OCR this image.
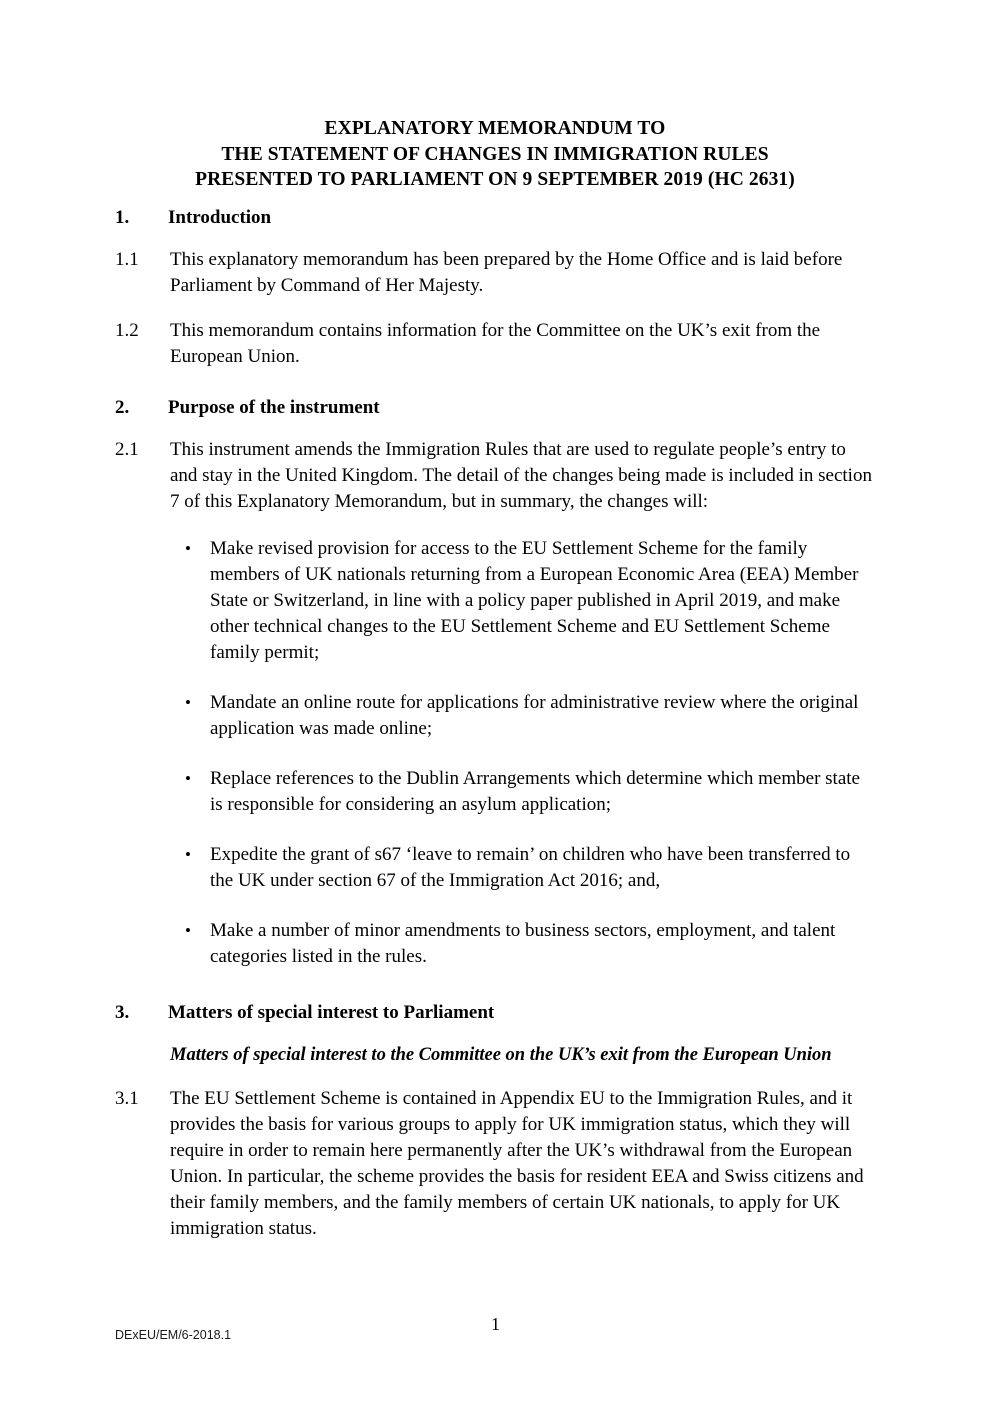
EXPLANATORY MEMORANDUM TO
THE STATEMENT OF CHANGES IN IMMIGRATION RULES
PRESENTED TO PARLIAMENT ON 9 SEPTEMBER 2019 (HC 2631)
1.	Introduction
1.1	This explanatory memorandum has been prepared by the Home Office and is laid before Parliament by Command of Her Majesty.
1.2	This memorandum contains information for the Committee on the UK’s exit from the European Union.
2.	Purpose of the instrument
2.1	This instrument amends the Immigration Rules that are used to regulate people’s entry to and stay in the United Kingdom. The detail of the changes being made is included in section 7 of this Explanatory Memorandum, but in summary, the changes will:
•	Make revised provision for access to the EU Settlement Scheme for the family members of UK nationals returning from a European Economic Area (EEA) Member State or Switzerland, in line with a policy paper published in April 2019, and make other technical changes to the EU Settlement Scheme and EU Settlement Scheme family permit;
•	Mandate an online route for applications for administrative review where the original application was made online;
•	Replace references to the Dublin Arrangements which determine which member state is responsible for considering an asylum application;
•	Expedite the grant of s67 ‘leave to remain’ on children who have been transferred to the UK under section 67 of the Immigration Act 2016; and,
•	Make a number of minor amendments to business sectors, employment, and talent categories listed in the rules.
3.	Matters of special interest to Parliament
Matters of special interest to the Committee on the UK’s exit from the European Union
3.1	The EU Settlement Scheme is contained in Appendix EU to the Immigration Rules, and it provides the basis for various groups to apply for UK immigration status, which they will require in order to remain here permanently after the UK’s withdrawal from the European Union. In particular, the scheme provides the basis for resident EEA and Swiss citizens and their family members, and the family members of certain UK nationals, to apply for UK immigration status.
1
DExEU/EM/6-2018.1
